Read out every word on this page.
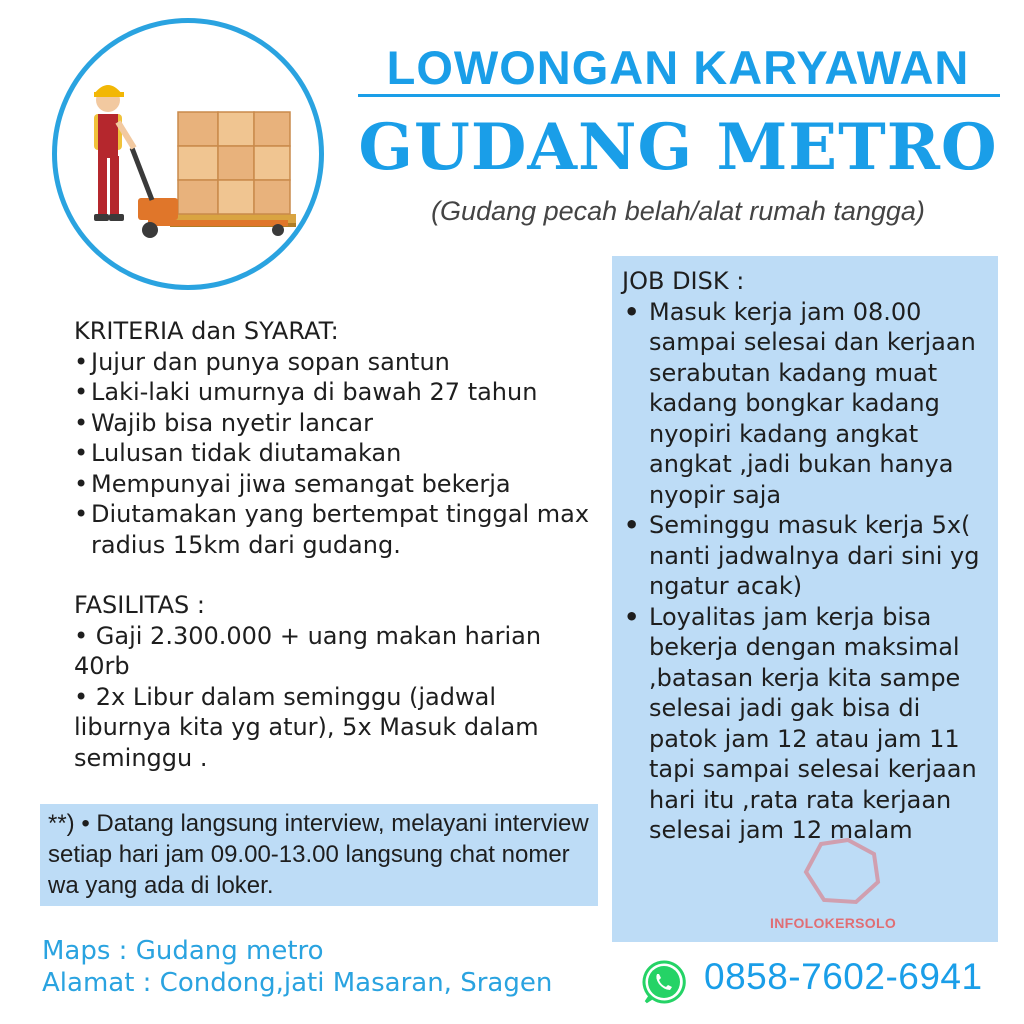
LOWONGAN KARYAWAN
GUDANG METRO
(Gudang pecah belah/alat rumah tangga)
KRITERIA dan SYARAT:
• Jujur dan punya sopan santun
• Laki-laki umurnya di bawah 27 tahun
• Wajib bisa nyetir lancar
• Lulusan tidak diutamakan
• Mempunyai jiwa semangat bekerja
• Diutamakan yang bertempat tinggal max radius 15km dari gudang.
FASILITAS :

• Gaji 2.300.000 + uang makan harian 40rb

• 2x Libur dalam seminggu (jadwal liburnya kita yg atur), 5x Masuk dalam seminggu .

**) • Datang langsung interview, melayani interview setiap hari jam 09.00-13.00 langsung chat nomer wa yang ada di loker.
JOB DISK :
• Masuk kerja jam 08.00 sampai selesai dan kerjaan serabutan kadang muat kadang bongkar kadang nyopiri kadang angkat angkat ,jadi bukan hanya nyopir saja
• Seminggu masuk kerja 5x( nanti jadwalnya dari sini yg ngatur acak)
• Loyalitas jam kerja bisa bekerja dengan maksimal ,batasan kerja kita sampe selesai jadi gak bisa di patok jam 12 atau jam 11 tapi sampai selesai kerjaan hari itu ,rata rata kerjaan selesai jam 12 malam
INFOLOKERSOLO
Maps : Gudang metro
Alamat : Condong,jati Masaran, Sragen	0858-7602-6941
